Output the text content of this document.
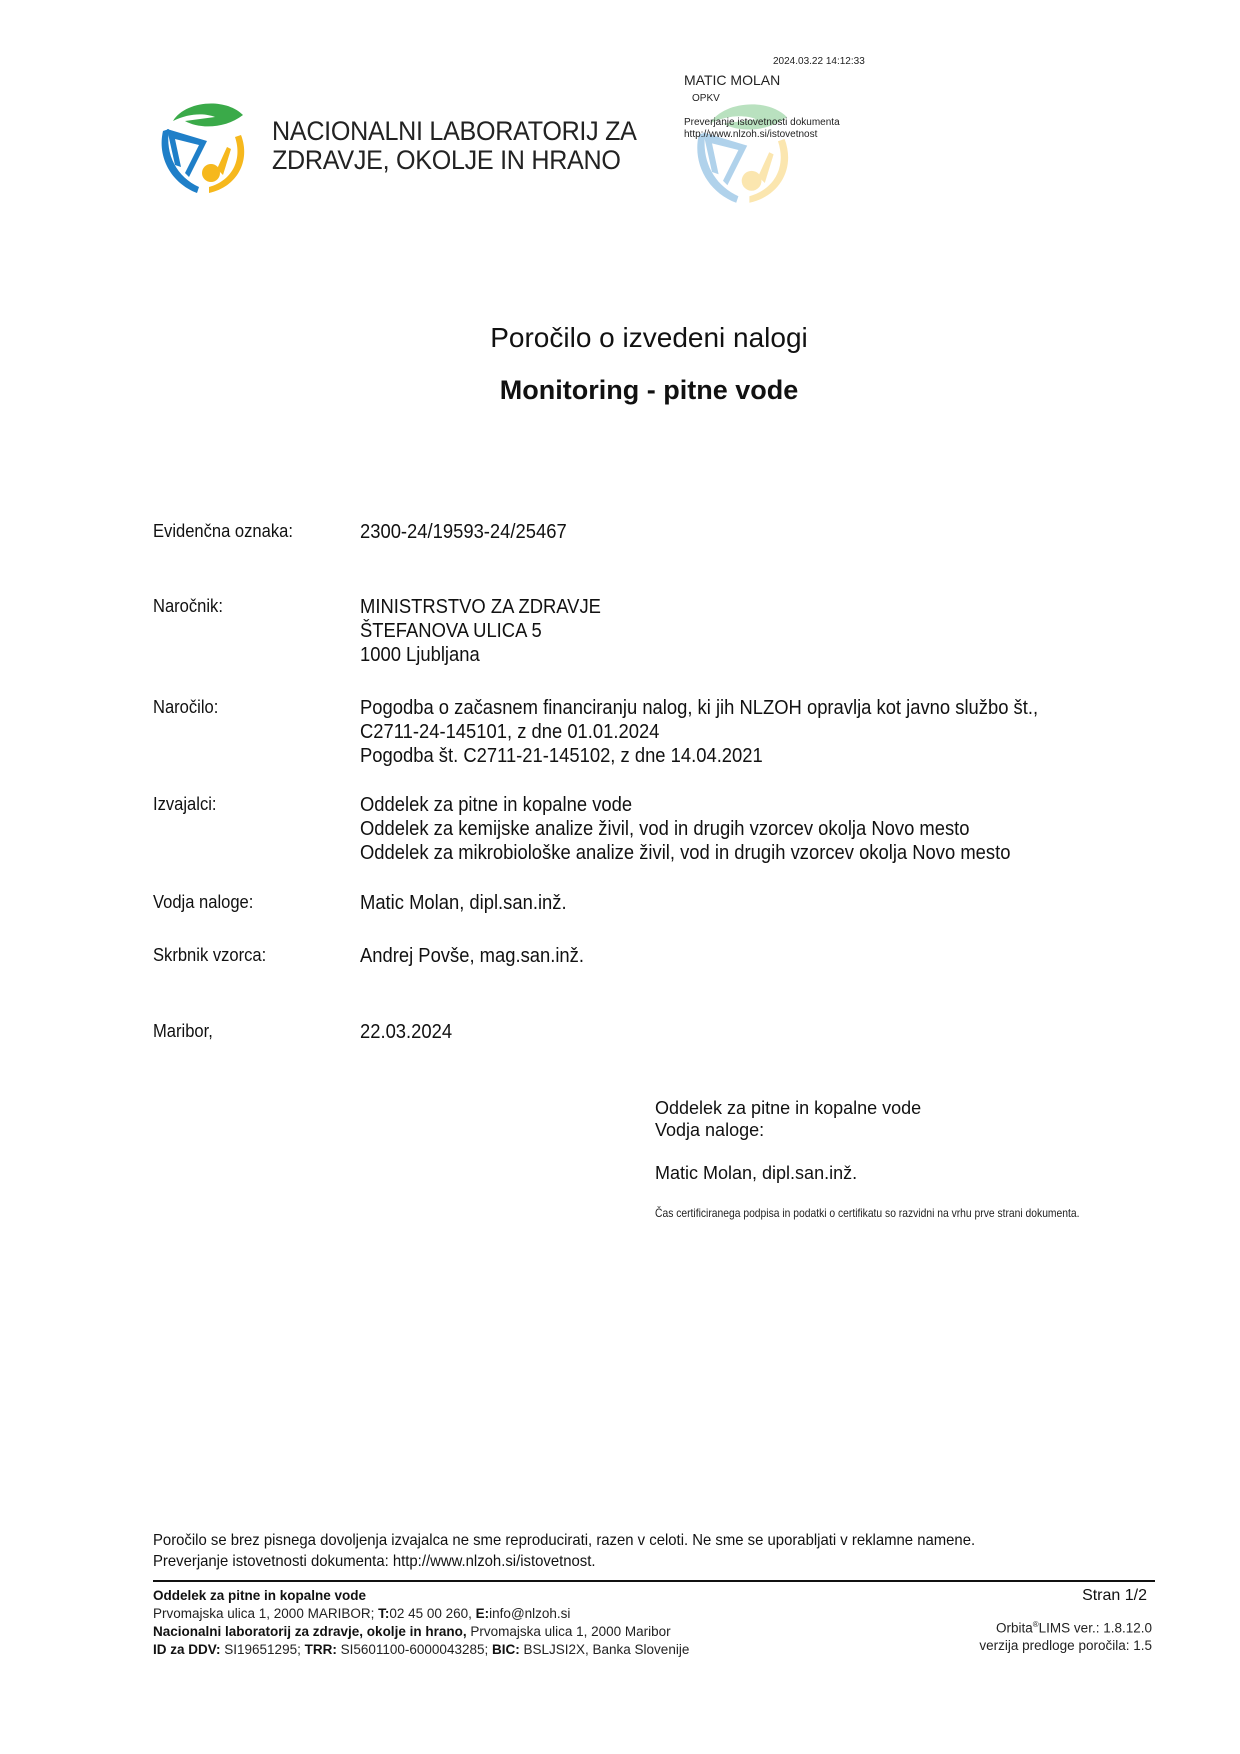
NACIONALNI LABORATORIJ ZA
ZDRAVJE, OKOLJE IN HRANO
2024.03.22 14:12:33
MATIC MOLAN
OPKV
Preverjanje istovetnosti dokumenta
http://www.nlzoh.si/istovetnost
Poročilo o izvedeni nalogi
Monitoring - pitne vode
Evidenčna oznaka:	2300-24/19593-24/25467
Naročnik:	MINISTRSTVO ZA ZDRAVJE
ŠTEFANOVA ULICA 5
1000 Ljubljana
Naročilo:	Pogodba o začasnem financiranju nalog, ki jih NLZOH opravlja kot javno službo št.,
C2711-24-145101, z dne 01.01.2024
Pogodba št. C2711-21-145102, z dne 14.04.2021
Izvajalci:	Oddelek za pitne in kopalne vode
Oddelek za kemijske analize živil, vod in drugih vzorcev okolja Novo mesto
Oddelek za mikrobiološke analize živil, vod in drugih vzorcev okolja Novo mesto
Vodja naloge:	Matic Molan, dipl.san.inž.
Skrbnik vzorca:	Andrej Povše, mag.san.inž.
Maribor,	22.03.2024
Oddelek za pitne in kopalne vode
Vodja naloge:
Matic Molan, dipl.san.inž.
Čas certificiranega podpisa in podatki o certifikatu so razvidni na vrhu prve strani dokumenta.
Poročilo se brez pisnega dovoljenja izvajalca ne sme reproducirati, razen v celoti. Ne sme se uporabljati v reklamne namene.
Preverjanje istovetnosti dokumenta: http://www.nlzoh.si/istovetnost.
Oddelek za pitne in kopalne vode
Prvomajska ulica 1, 2000 MARIBOR; T:02 45 00 260, E:info@nlzoh.si
Nacionalni laboratorij za zdravje, okolje in hrano, Prvomajska ulica 1, 2000 Maribor
ID za DDV: SI19651295; TRR: SI5601100-6000043285; BIC: BSLJSI2X, Banka Slovenije
Stran 1/2
Orbita®LIMS ver.: 1.8.12.0
verzija predloge poročila: 1.5
